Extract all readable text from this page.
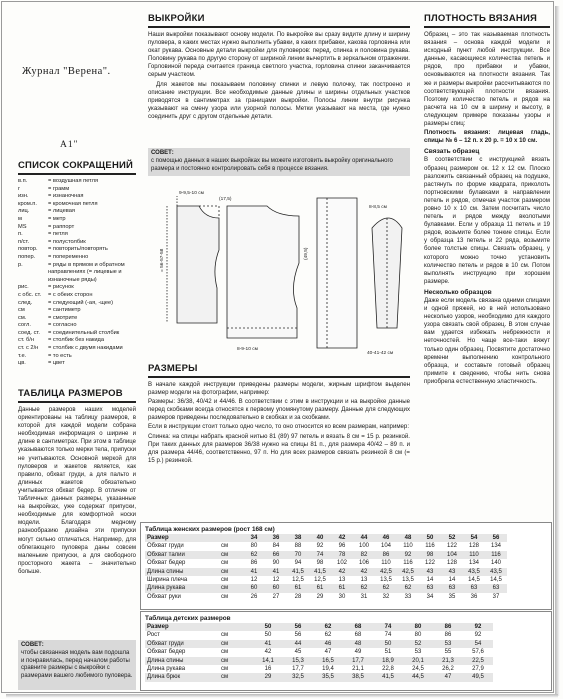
Журнал "Верена".
А1"
СПИСОК СОКРАЩЕНИЙ
в.п.	= воздушная петля
г	= грамм
изн.	= изнаночная
кром.п.	= кромочная петля
лиц.	= лицевая
м	= метр
MS	= раппорт
п.	= петля
п/ст.	= полустолбик
повтор.	= повторить/повторять
попер.	= попеременно
р.	= ряды в прямом и обратном направлениях (= лицевые и изнаночные ряды)
рис.	= рисунок
с обс. ст.	= с обеих сторон
след.	= следующий (-ая, -щее)
см	= сантиметр
см.	= смотрите
согл.	= согласно
соед. ст.	= соединительный столбик
ст. б/н	= столбик без накида
ст. с 2/н	= столбик с двумя накидами
т.е.	= то есть
цв.	= цвет
ТАБЛИЦА РАЗМЕРОВ

Данные размеров наших моделей ориентированы на таблицу размеров, в которой для каждой модели собрана необходимая информация о ширине и длине в сантиметрах. При этом в таблице указываются только мерки тела, припуски не учитываются. Основной меркой для пуловеров и жакетов является, как правило, обхват груди, а для пальто и длинных жакетов обязательно учитывается обхват бедер. В отличие от табличных данных размеры, указанные на выкройках, уже содержат припуски, необходимые для комфортной носки модели. Благодаря медному разнообразию дизайна эти припуски могут сильно отличаться. Например, для облегающего пуловера даны совсем маленькие припуски, а для свободного просторного жакета – значительно больше.

СОВЕТ:
чтобы связанная модель вам подошла и понравилась, перед началом работы сравните размеры с выкройки с размерами вашего любимого пуловера.
ВЫКРОЙКИ

Наши выкройки показывают основу модели. По выкройке вы сразу видите длину и ширину пуловера, в каких местах нужно выполнить убавки, в каких прибавки, какова горловина или окат рукава. Основные детали выкройки для пуловеров: перед, спинка и половина рукава. Половину рукава по другую сторону от шириной линии вычертить в зеркальном отражении. Горловиной переда считается граница светлого участка, горловина спинки заканчивается серым участком.

Для жакетов мы показываем половину спинки и левую полочку, так построено и описание инструкции. Все необходимые данные длины и ширины отдельных участков приводятся в сантиметрах за границами выкройки. Полосы линии внутри рисунка указывают на смену узора или узорной полосы. Метки указывают на места, где нужно соединить друг с другом отдельные детали.

СОВЕТ:
с помощью данных в наших выкройках вы можете изготовить выкройку оригинального размера и постоянно контролировать себя в процессе вязания.
9-9,5-10 см
(17,5)
= 56-57-58	(49,5)
8-9-10 см
8-8,5 см
40-41-42 см
РАЗМЕРЫ

В начале каждой инструкции приведены размеры модели, жирным шрифтом выделен размер модели на фотографии, например:

Размеры: 36/38, 40/42 и 44/46. В соответствии с этим в инструкции и на выкройке данные перед скобками всегда относятся к первому упомянутому размеру. Данные для следующих размеров приведены последовательно в скобках и за скобками.

Если в инструкции стоит только одно число, то оно относится ко всем размерам, например:

Спинка: на спицы набрать красной нитью 81 (89) 97 петель и вязать 8 см = 15 р. резинкой. При таких данных для размеров 36/38 нужно на спицы 81 п., для размера 40/42 – 89 п. и для размера 44/46, соответственно, 97 п. Но для всех размеров связать резинкой 8 см (= 15 р.) резинкой.

ПЛОТНОСТЬ ВЯЗАНИЯ

Образец – это так называемая плотность вязания – основа каждой модели и исходный пункт любой инструкции. Все данные, касающиеся количества петель и рядов, про прибавки и убавки, основываются на плотности вязания. Так же и размеры выкройки рассчитываются по соответствующей плотности вязания. Поэтому количество петель и рядов на расчета на 10 см в ширину и высоту, в следующем примере показаны узоры и размеры спиц:

Плотность вязания: лицевая гладь, спицы № 6 – 12 п. х 20 р. = 10 х 10 см.

Связать образец

В соответствии с инструкцией вязать образец размером ок. 12 х 12 см. Плоско разложить связанный образец на подушке, растянуть по форме квадрата, приколоть портновскими булавками в направлении петель и рядов, отмечая участок размером ровно 10 х 10 см. Затем посчитать число петель и рядов между вколотыми булавками. Если у образца 11 петель и 19 рядов, возьмите более тонкие спицы. Если у образца 13 петель и 22 ряда, возьмите более толстые спицы. Связать образец, у которого можно точно установить количество петель и рядов в 10 см. Потом выполнять инструкцию при хорошем размере.

Несколько образцов

Даже если модель связана одними спицами и одной пряжей, но в ней использовано несколько узоров, необходимо для каждого узора связать свой образец. В этом случае вам удается избежать небрежности и неточностей. Но чаще все-таки вяжут только один образец. Посвятите достаточно времени выполнению контрольного образца, и составьте готовый образец примите к сведению, чтобы нить снова приобрела естественную эластичность.

Таблица женских размеров (рост 168 см)
Размер		34	36	38	40	42	44	46	48	50	52	54	56
Обхват груди	см	80	84	88	92	96	100	104	110	116	122	128	134
Обхват талии	см	62	66	70	74	78	82	86	92	98	104	110	116
Обхват бедер	см	86	90	94	98	102	106	110	116	122	128	134	140
Длина спины	см	41	41	41,5	41,5	42	42	42,5	42,5	43	43	43,5	43,5
Ширина плеча	см	12	12	12,5	12,5	13	13	13,5	13,5	14	14	14,5	14,5
Длина рукава	см	60	60	61	61	61	62	62	62	63	63	63	63
Обхват руки	см	26	27	28	29	30	31	32	33	34	35	36	37
Таблица детских размеров
Размер		50	56	62	68	74	80	86	92
Рост	см	50	56	62	68	74	80	86	92
Обхват груди	см	41	44	46	48	50	52	53	54
Обхват бедер	см	42	45	47	49	51	53	55	57,6
Длина спины	см	14,1	15,3	16,5	17,7	18,9	20,1	21,3	22,5
Длина рукава	см	16	17,7	19,4	21,1	22,8	24,5	26,2	27,9
Длина брюк	см	29	32,5	35,5	38,5	41,5	44,5	47	49,5
